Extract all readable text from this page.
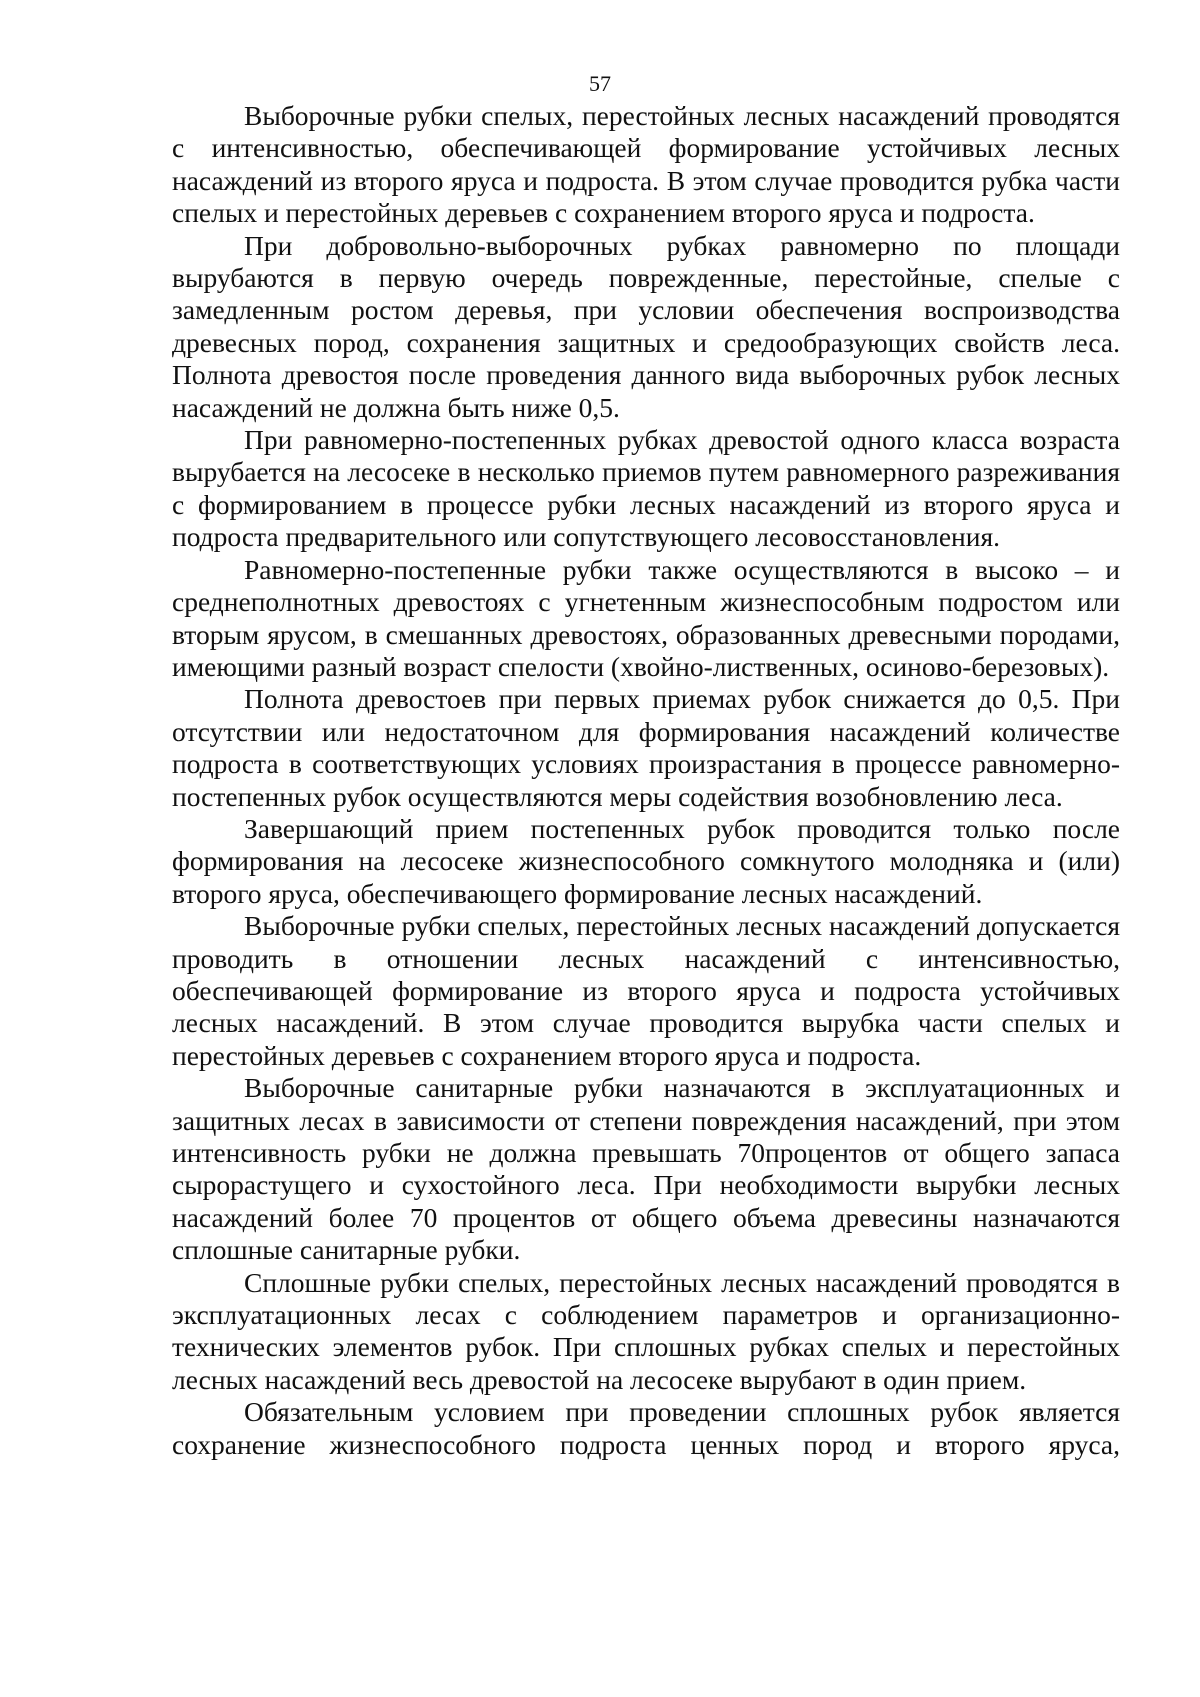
57

Выборочные рубки спелых, перестойных лесных насаждений проводятся с интенсивностью, обеспечивающей формирование устойчивых лесных насаждений из второго яруса и подроста. В этом случае проводится рубка части спелых и перестойных деревьев с сохранением второго яруса и подроста.

При добровольно-выборочных рубках равномерно по площади вырубаются в первую очередь поврежденные, перестойные, спелые с замедленным ростом деревья, при условии обеспечения воспроизводства древесных пород, сохранения защитных и средообразующих свойств леса. Полнота древостоя после проведения данного вида выборочных рубок лесных насаждений не должна быть ниже 0,5.

При равномерно-постепенных рубках древостой одного класса возраста вырубается на лесосеке в несколько приемов путем равномерного разреживания с формированием в процессе рубки лесных насаждений из второго яруса и подроста предварительного или сопутствующего лесовосстановления.

Равномерно-постепенные рубки также осуществляются в высоко – и среднеполнотных древостоях с угнетенным жизнеспособным подростом или вторым ярусом, в смешанных древостоях, образованных древесными породами, имеющими разный возраст спелости (хвойно-лиственных, осиново-березовых).

Полнота древостоев при первых приемах рубок снижается до 0,5. При отсутствии или недостаточном для формирования насаждений количестве подроста в соответствующих условиях произрастания в процессе равномерно-постепенных рубок осуществляются меры содействия возобновлению леса.

Завершающий прием постепенных рубок проводится только после формирования на лесосеке жизнеспособного сомкнутого молодняка и (или) второго яруса, обеспечивающего формирование лесных насаждений.

Выборочные рубки спелых, перестойных лесных насаждений допускается проводить в отношении лесных насаждений с интенсивностью, обеспечивающей формирование из второго яруса и подроста устойчивых лесных насаждений. В этом случае проводится вырубка части спелых и перестойных деревьев с сохранением второго яруса и подроста.

Выборочные санитарные рубки назначаются в эксплуатационных и защитных лесах в зависимости от степени повреждения насаждений, при этом интенсивность рубки не должна превышать 70процентов от общего запаса сырорастущего и сухостойного леса. При необходимости вырубки лесных насаждений более 70 процентов от общего объема древесины назначаются сплошные санитарные рубки.

Сплошные рубки спелых, перестойных лесных насаждений проводятся в эксплуатационных лесах с соблюдением параметров и организационно-технических элементов рубок. При сплошных рубках спелых и перестойных лесных насаждений весь древостой на лесосеке вырубают в один прием.

Обязательным условием при проведении сплошных рубок является сохранение жизнеспособного подроста ценных пород и второго яруса,
